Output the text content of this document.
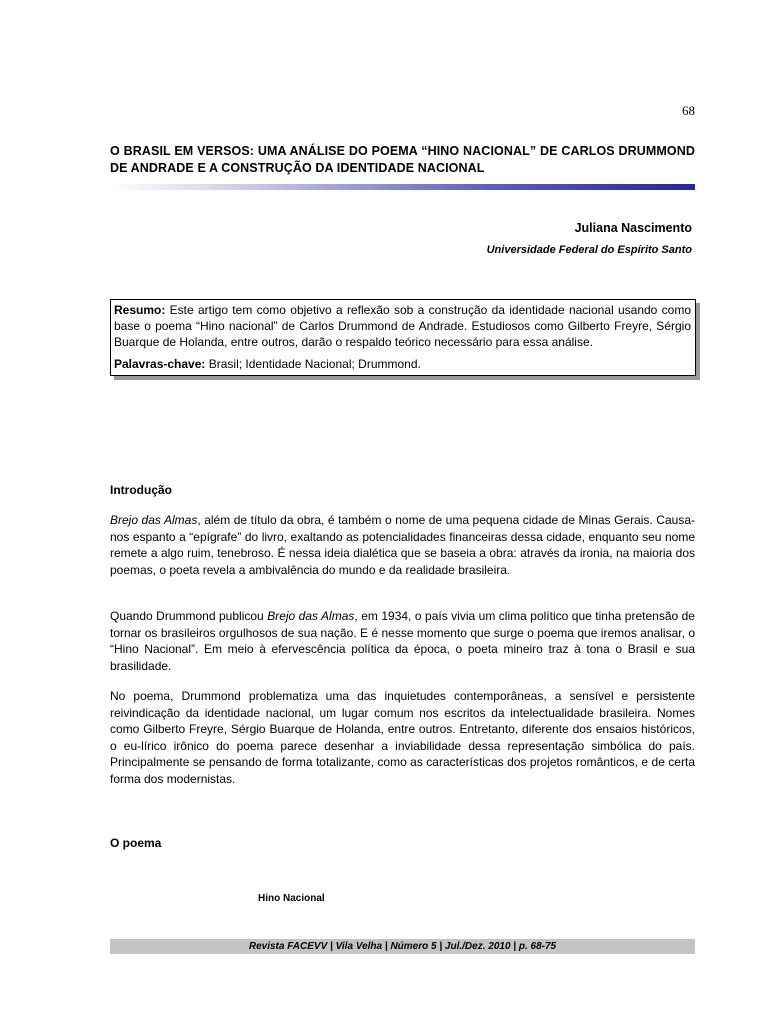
68
O BRASIL EM VERSOS: UMA ANÁLISE DO POEMA “HINO NACIONAL” DE CARLOS DRUMMOND DE ANDRADE E A CONSTRUÇÃO DA IDENTIDADE NACIONAL
Juliana Nascimento
Universidade Federal do Espírito Santo

Resumo: Este artigo tem como objetivo a reflexão sob a construção da identidade nacional usando como base o poema “Hino nacional” de Carlos Drummond de Andrade. Estudiosos como Gilberto Freyre, Sérgio Buarque de Holanda, entre outros, darão o respaldo teórico necessário para essa análise.

Palavras-chave: Brasil; Identidade Nacional; Drummond.

Introdução

Brejo das Almas, além de título da obra, é também o nome de uma pequena cidade de Minas Gerais. Causa-nos espanto a “epígrafe” do livro, exaltando as potencialidades financeiras dessa cidade, enquanto seu nome remete a algo ruim, tenebroso. É nessa ideia dialética que se baseia a obra: através da ironia, na maioria dos poemas, o poeta revela a ambivalência do mundo e da realidade brasileira.

Quando Drummond publicou Brejo das Almas, em 1934, o país vivia um clima político que tinha pretensão de tornar os brasileiros orgulhosos de sua nação. E é nesse momento que surge o poema que iremos analisar, o “Hino Nacional”. Em meio à efervescência política da época, o poeta mineiro traz à tona o Brasil e sua brasilidade.

No poema, Drummond problematiza uma das inquietudes contemporâneas, a sensível e persistente reivindicação da identidade nacional, um lugar comum nos escritos da intelectualidade brasileira. Nomes como Gilberto Freyre, Sérgio Buarque de Holanda, entre outros. Entretanto, diferente dos ensaios históricos, o eu-lírico irônico do poema parece desenhar a inviabilidade dessa representação simbólica do país. Principalmente se pensando de forma totalizante, como as características dos projetos românticos, e de certa forma dos modernistas.

O poema
Hino Nacional
Revista FACEVV | Vila Velha | Número 5 | Jul./Dez. 2010 | p. 68-75
